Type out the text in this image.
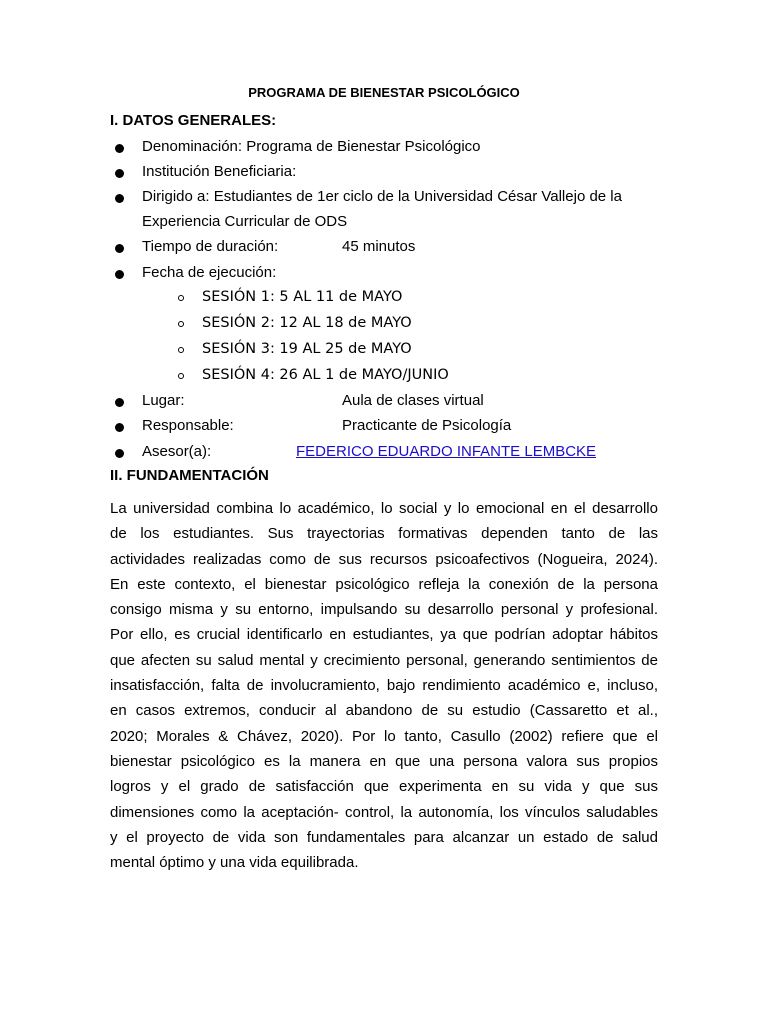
PROGRAMA DE BIENESTAR PSICOLÓGICO
I. DATOS GENERALES:
Denominación: Programa de Bienestar Psicológico
Institución Beneficiaria:
Dirigido a: Estudiantes de 1er ciclo de la Universidad César Vallejo de la
Experiencia Curricular de ODS
Tiempo de duración:	45 minutos
Fecha de ejecución:
SESIÓN 1: 5 AL 11 de MAYO
SESIÓN 2: 12 AL 18 de MAYO
SESIÓN 3: 19 AL 25 de MAYO
SESIÓN 4: 26 AL 1 de MAYO/JUNIO
Lugar:	Aula de clases virtual
Responsable:	Practicante de Psicología
Asesor(a):	FEDERICO EDUARDO INFANTE LEMBCKE
II. FUNDAMENTACIÓN
La universidad combina lo académico, lo social y lo emocional en el desarrollo
de los estudiantes. Sus trayectorias formativas dependen tanto de las
actividades realizadas como de sus recursos psicoafectivos (Nogueira, 2024).
En este contexto, el bienestar psicológico refleja la conexión de la persona
consigo misma y su entorno, impulsando su desarrollo personal y profesional.
Por ello, es crucial identificarlo en estudiantes, ya que podrían adoptar hábitos
que afecten su salud mental y crecimiento personal, generando sentimientos de
insatisfacción, falta de involucramiento, bajo rendimiento académico e, incluso,
en casos extremos, conducir al abandono de su estudio (Cassaretto et al.,
2020; Morales & Chávez, 2020). Por lo tanto, Casullo (2002) refiere que el
bienestar psicológico es la manera en que una persona valora sus propios
logros y el grado de satisfacción que experimenta en su vida y que sus
dimensiones como la aceptación- control, la autonomía, los vínculos saludables
y el proyecto de vida son fundamentales para alcanzar un estado de salud
mental óptimo y una vida equilibrada.
